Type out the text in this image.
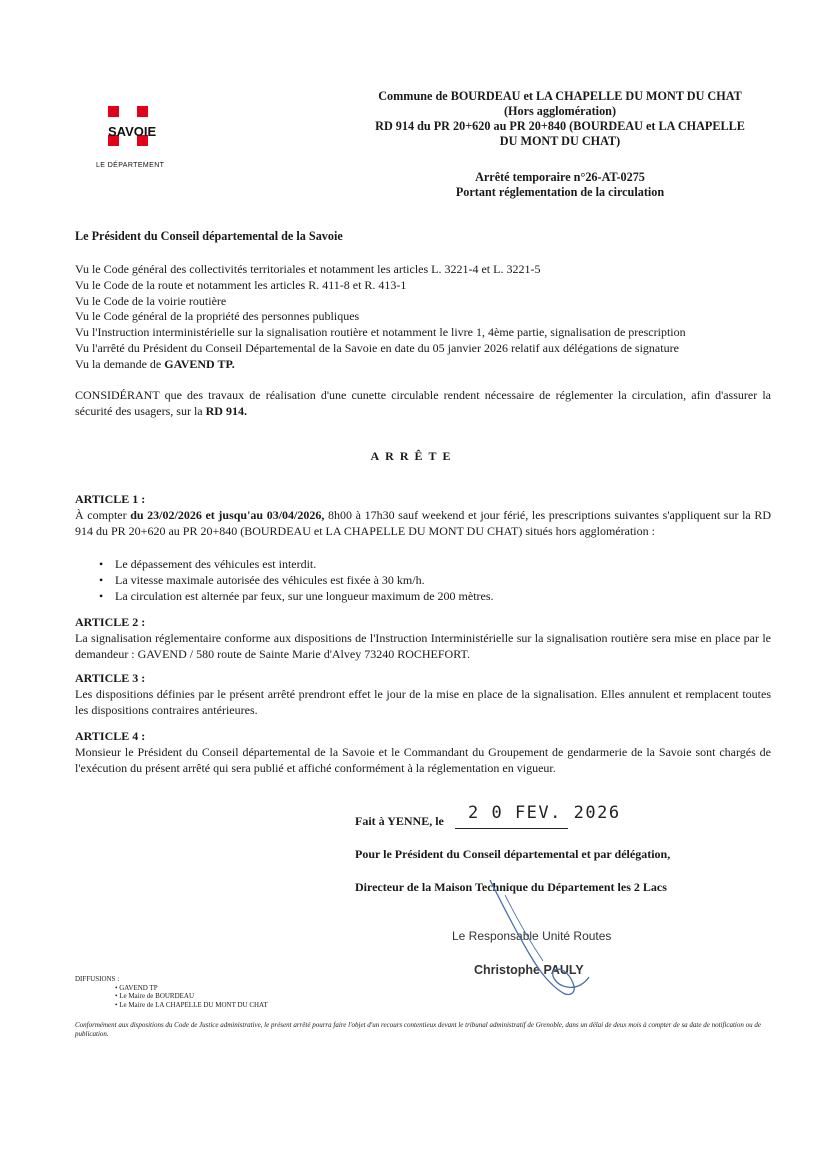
SAVOIE
LE DÉPARTEMENT
Commune de BOURDEAU et LA CHAPELLE DU MONT DU CHAT
(Hors agglomération)
RD 914 du PR 20+620 au PR 20+840 (BOURDEAU et LA CHAPELLE
DU MONT DU CHAT)
Arrêté temporaire n°26-AT-0275
Portant réglementation de la circulation
Le Président du Conseil départemental de la Savoie
Vu le Code général des collectivités territoriales et notamment les articles L. 3221-4 et L. 3221-5
Vu le Code de la route et notamment les articles R. 411-8 et R. 413-1
Vu le Code de la voirie routière
Vu le Code général de la propriété des personnes publiques
Vu l'Instruction interministérielle sur la signalisation routière et notamment le livre 1, 4ème partie, signalisation de prescription
Vu l'arrêté du Président du Conseil Départemental de la Savoie en date du 05 janvier 2026 relatif aux délégations de signature
Vu la demande de GAVEND TP.
CONSIDÉRANT que des travaux de réalisation d'une cunette circulable rendent nécessaire de réglementer la circulation, afin d'assurer la sécurité des usagers, sur la RD 914.
ARRÊTE
ARTICLE 1 :
À compter du 23/02/2026 et jusqu'au 03/04/2026, 8h00 à 17h30 sauf weekend et jour férié, les prescriptions suivantes s'appliquent sur la RD 914 du PR 20+620 au PR 20+840 (BOURDEAU et LA CHAPELLE DU MONT DU CHAT) situés hors agglomération :
• Le dépassement des véhicules est interdit.
• La vitesse maximale autorisée des véhicules est fixée à 30 km/h.
• La circulation est alternée par feux, sur une longueur maximum de 200 mètres.
ARTICLE 2 :
La signalisation réglementaire conforme aux dispositions de l'Instruction Interministérielle sur la signalisation routière sera mise en place par le demandeur : GAVEND / 580 route de Sainte Marie d'Alvey 73240 ROCHEFORT.
ARTICLE 3 :
Les dispositions définies par le présent arrêté prendront effet le jour de la mise en place de la signalisation. Elles annulent et remplacent toutes les dispositions contraires antérieures.
ARTICLE 4 :
Monsieur le Président du Conseil départemental de la Savoie et le Commandant du Groupement de gendarmerie de la Savoie sont chargés de l'exécution du présent arrêté qui sera publié et affiché conformément à la réglementation en vigueur.
Fait à YENNE, le 2 0 FEV. 2026
Pour le Président du Conseil départemental et par délégation,
Directeur de la Maison Technique du Département les 2 Lacs
Le Responsable Unité Routes
Christophe PAULY
DIFFUSIONS :
• GAVEND TP
• Le Maire de BOURDEAU
• Le Maire de LA CHAPELLE DU MONT DU CHAT
Conformément aux dispositions du Code de Justice administrative, le présent arrêté pourra faire l'objet d'un recours contentieux devant le tribunal administratif de Grenoble, dans un délai de deux mois à compter de sa date de notification ou de publication.
